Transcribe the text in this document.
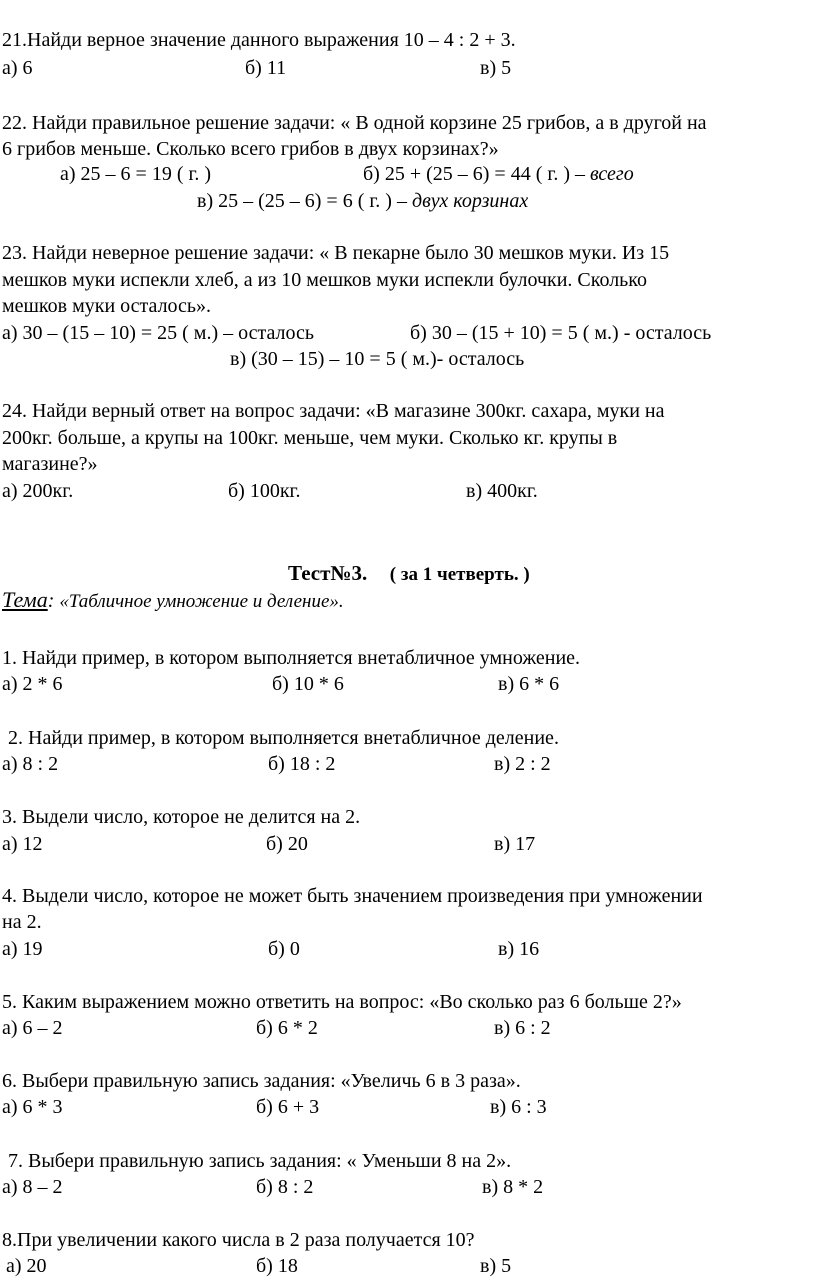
21.Найди верное значение данного выражения 10 – 4 : 2 + 3.
а) 6	б) 11	в) 5
22. Найди правильное решение задачи: « В одной корзине 25 грибов, а в другой на
6 грибов меньше. Сколько всего грибов в двух корзинах?»
а) 25 – 6 = 19 ( г. )	б) 25 + (25 – 6) = 44 ( г. ) – всего
в) 25 – (25 – 6) = 6 ( г. ) – двух корзинах
23. Найди неверное решение задачи: « В пекарне было 30 мешков муки. Из 15
мешков муки испекли хлеб, а из 10 мешков муки испекли булочки. Сколько
мешков муки осталось».
а) 30 – (15 – 10) = 25 ( м.) – осталось	б) 30 – (15 + 10) = 5 ( м.) - осталось
в) (30 – 15) – 10 = 5 ( м.)- осталось
24. Найди верный ответ на вопрос задачи: «В магазине 300кг. сахара, муки на
200кг. больше, а крупы на 100кг. меньше, чем муки. Сколько кг. крупы в
магазине?»
а) 200кг.	б) 100кг.	в) 400кг.
Тест№3. ( за 1 четверть. )
Тема: «Табличное умножение и деление».
1. Найди пример, в котором выполняется внетабличное умножение.
а) 2 * 6	б) 10 * 6	в) 6 * 6
2. Найди пример, в котором выполняется внетабличное деление.
а) 8 : 2	б) 18 : 2	в) 2 : 2
3. Выдели число, которое не делится на 2.
а) 12	б) 20	в) 17
4. Выдели число, которое не может быть значением произведения при умножении
на 2.
а) 19	б) 0	в) 16
5. Каким выражением можно ответить на вопрос: «Во сколько раз 6 больше 2?»
а) 6 – 2	б) 6 * 2	в) 6 : 2
6. Выбери правильную запись задания: «Увеличь 6 в 3 раза».
а) 6 * 3	б) 6 + 3	в) 6 : 3
7. Выбери правильную запись задания: « Уменьши 8 на 2».
а) 8 – 2	б) 8 : 2	в) 8 * 2
8.При увеличении какого числа в 2 раза получается 10?
а) 20	б) 18	в) 5
